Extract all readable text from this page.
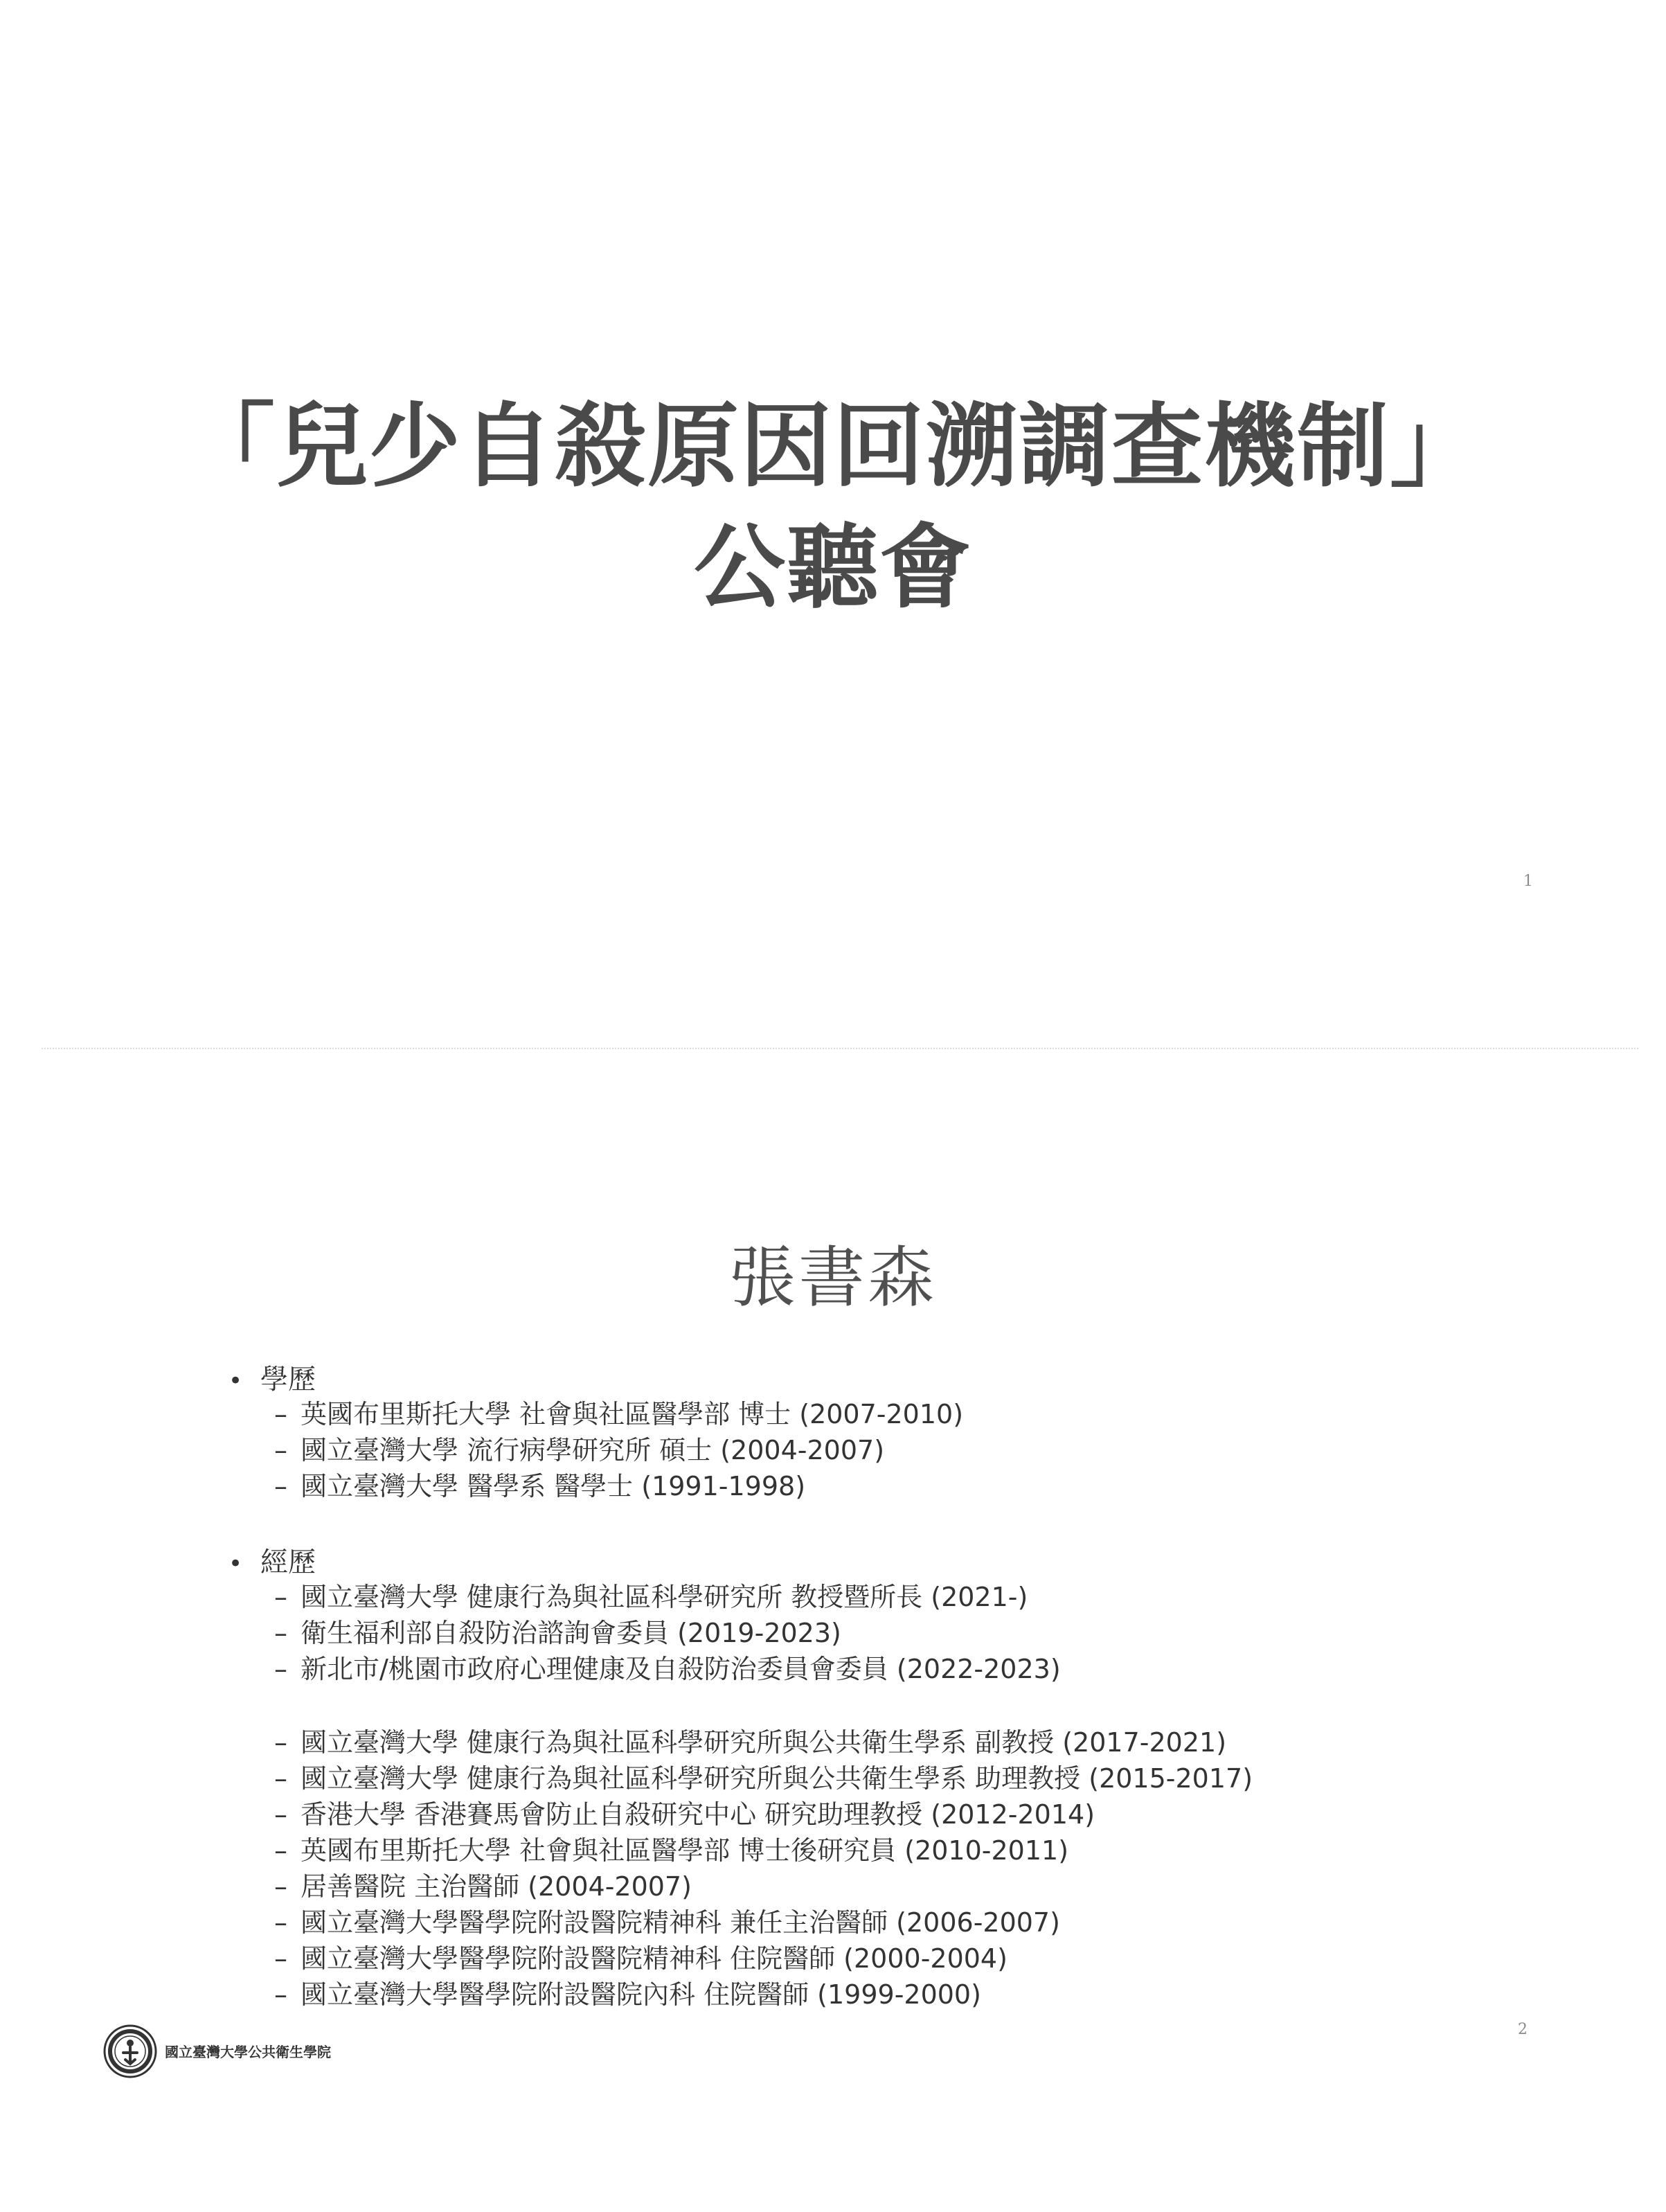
「兒少自殺原因回溯調查機制」
公聽會
1
張書森
• 學歷
– 英國布里斯托大學 社會與社區醫學部 博士 (2007-2010)
– 國立臺灣大學 流行病學研究所 碩士 (2004-2007)
– 國立臺灣大學 醫學系 醫學士 (1991-1998)
• 經歷
– 國立臺灣大學 健康行為與社區科學研究所 教授暨所長 (2021-)
– 衛生福利部自殺防治諮詢會委員 (2019-2023)
– 新北市/桃園市政府心理健康及自殺防治委員會委員 (2022-2023)
– 國立臺灣大學 健康行為與社區科學研究所與公共衛生學系 副教授 (2017-2021)
– 國立臺灣大學 健康行為與社區科學研究所與公共衛生學系 助理教授 (2015-2017)
– 香港大學 香港賽馬會防止自殺研究中心 研究助理教授 (2012-2014)
– 英國布里斯托大學 社會與社區醫學部 博士後研究員 (2010-2011)
– 居善醫院 主治醫師 (2004-2007)
– 國立臺灣大學醫學院附設醫院精神科 兼任主治醫師 (2006-2007)
– 國立臺灣大學醫學院附設醫院精神科 住院醫師 (2000-2004)
– 國立臺灣大學醫學院附設醫院內科 住院醫師 (1999-2000)
國立臺灣大學公共衛生學院
2
